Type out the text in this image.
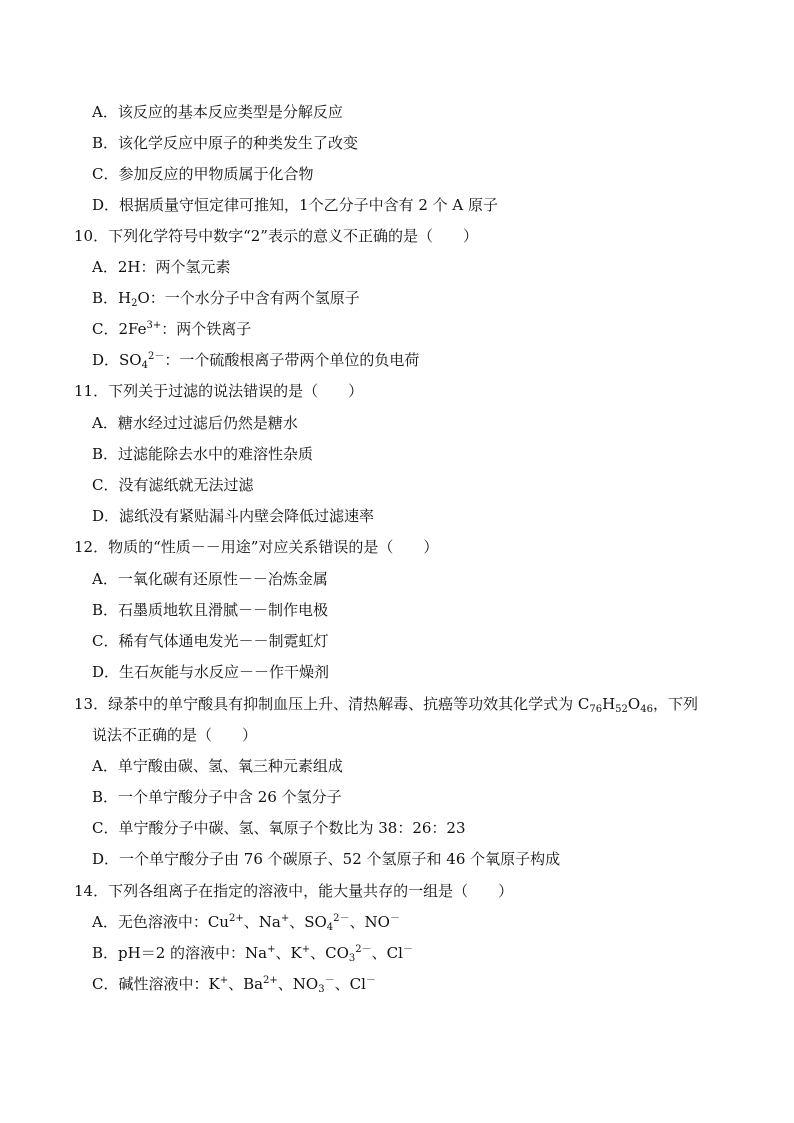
A．该反应的基本反应类型是分解反应
B．该化学反应中原子的种类发生了改变
C．参加反应的甲物质属于化合物
D．根据质量守恒定律可推知，1个乙分子中含有 2 个 A 原子
10．下列化学符号中数字“2”表示的意义不正确的是（　　）
A．2H：两个氢元素
B．$H_2O$：一个水分子中含有两个氢原子
C．$2Fe^{3+}$：两个铁离子
D．$SO_4^{2-}$：一个硫酸根离子带两个单位的负电荷
11．下列关于过滤的说法错误的是（　　）
A．糖水经过过滤后仍然是糖水
B．过滤能除去水中的难溶性杂质
C．没有滤纸就无法过滤
D．滤纸没有紧贴漏斗内壁会降低过滤速率
12．物质的“性质－－用途”对应关系错误的是（　　）
A．一氧化碳有还原性－－冶炼金属
B．石墨质地软且滑腻－－制作电极
C．稀有气体通电发光－－制霓虹灯
D．生石灰能与水反应－－作干燥剂
13．绿茶中的单宁酸具有抑制血压上升、清热解毒、抗癌等功效其化学式为 $C_{76}H_{52}O_{46}$，下列
说法不正确的是（　　）
A．单宁酸由碳、氢、氧三种元素组成
B．一个单宁酸分子中含 26 个氢分子
C．单宁酸分子中碳、氢、氧原子个数比为 38：26：23
D．一个单宁酸分子由 76 个碳原子、52 个氢原子和 46 个氧原子构成
14．下列各组离子在指定的溶液中，能大量共存的一组是（　　）
A．无色溶液中：$Cu^{2+}$、Na+、$SO_4^{2-}$、NO－
B．pH＝2 的溶液中：Na+、K+、$CO_3^{2-}$、Cl－
C．碱性溶液中：K+、$Ba^{2+}$、$NO_3^-$、Cl－
